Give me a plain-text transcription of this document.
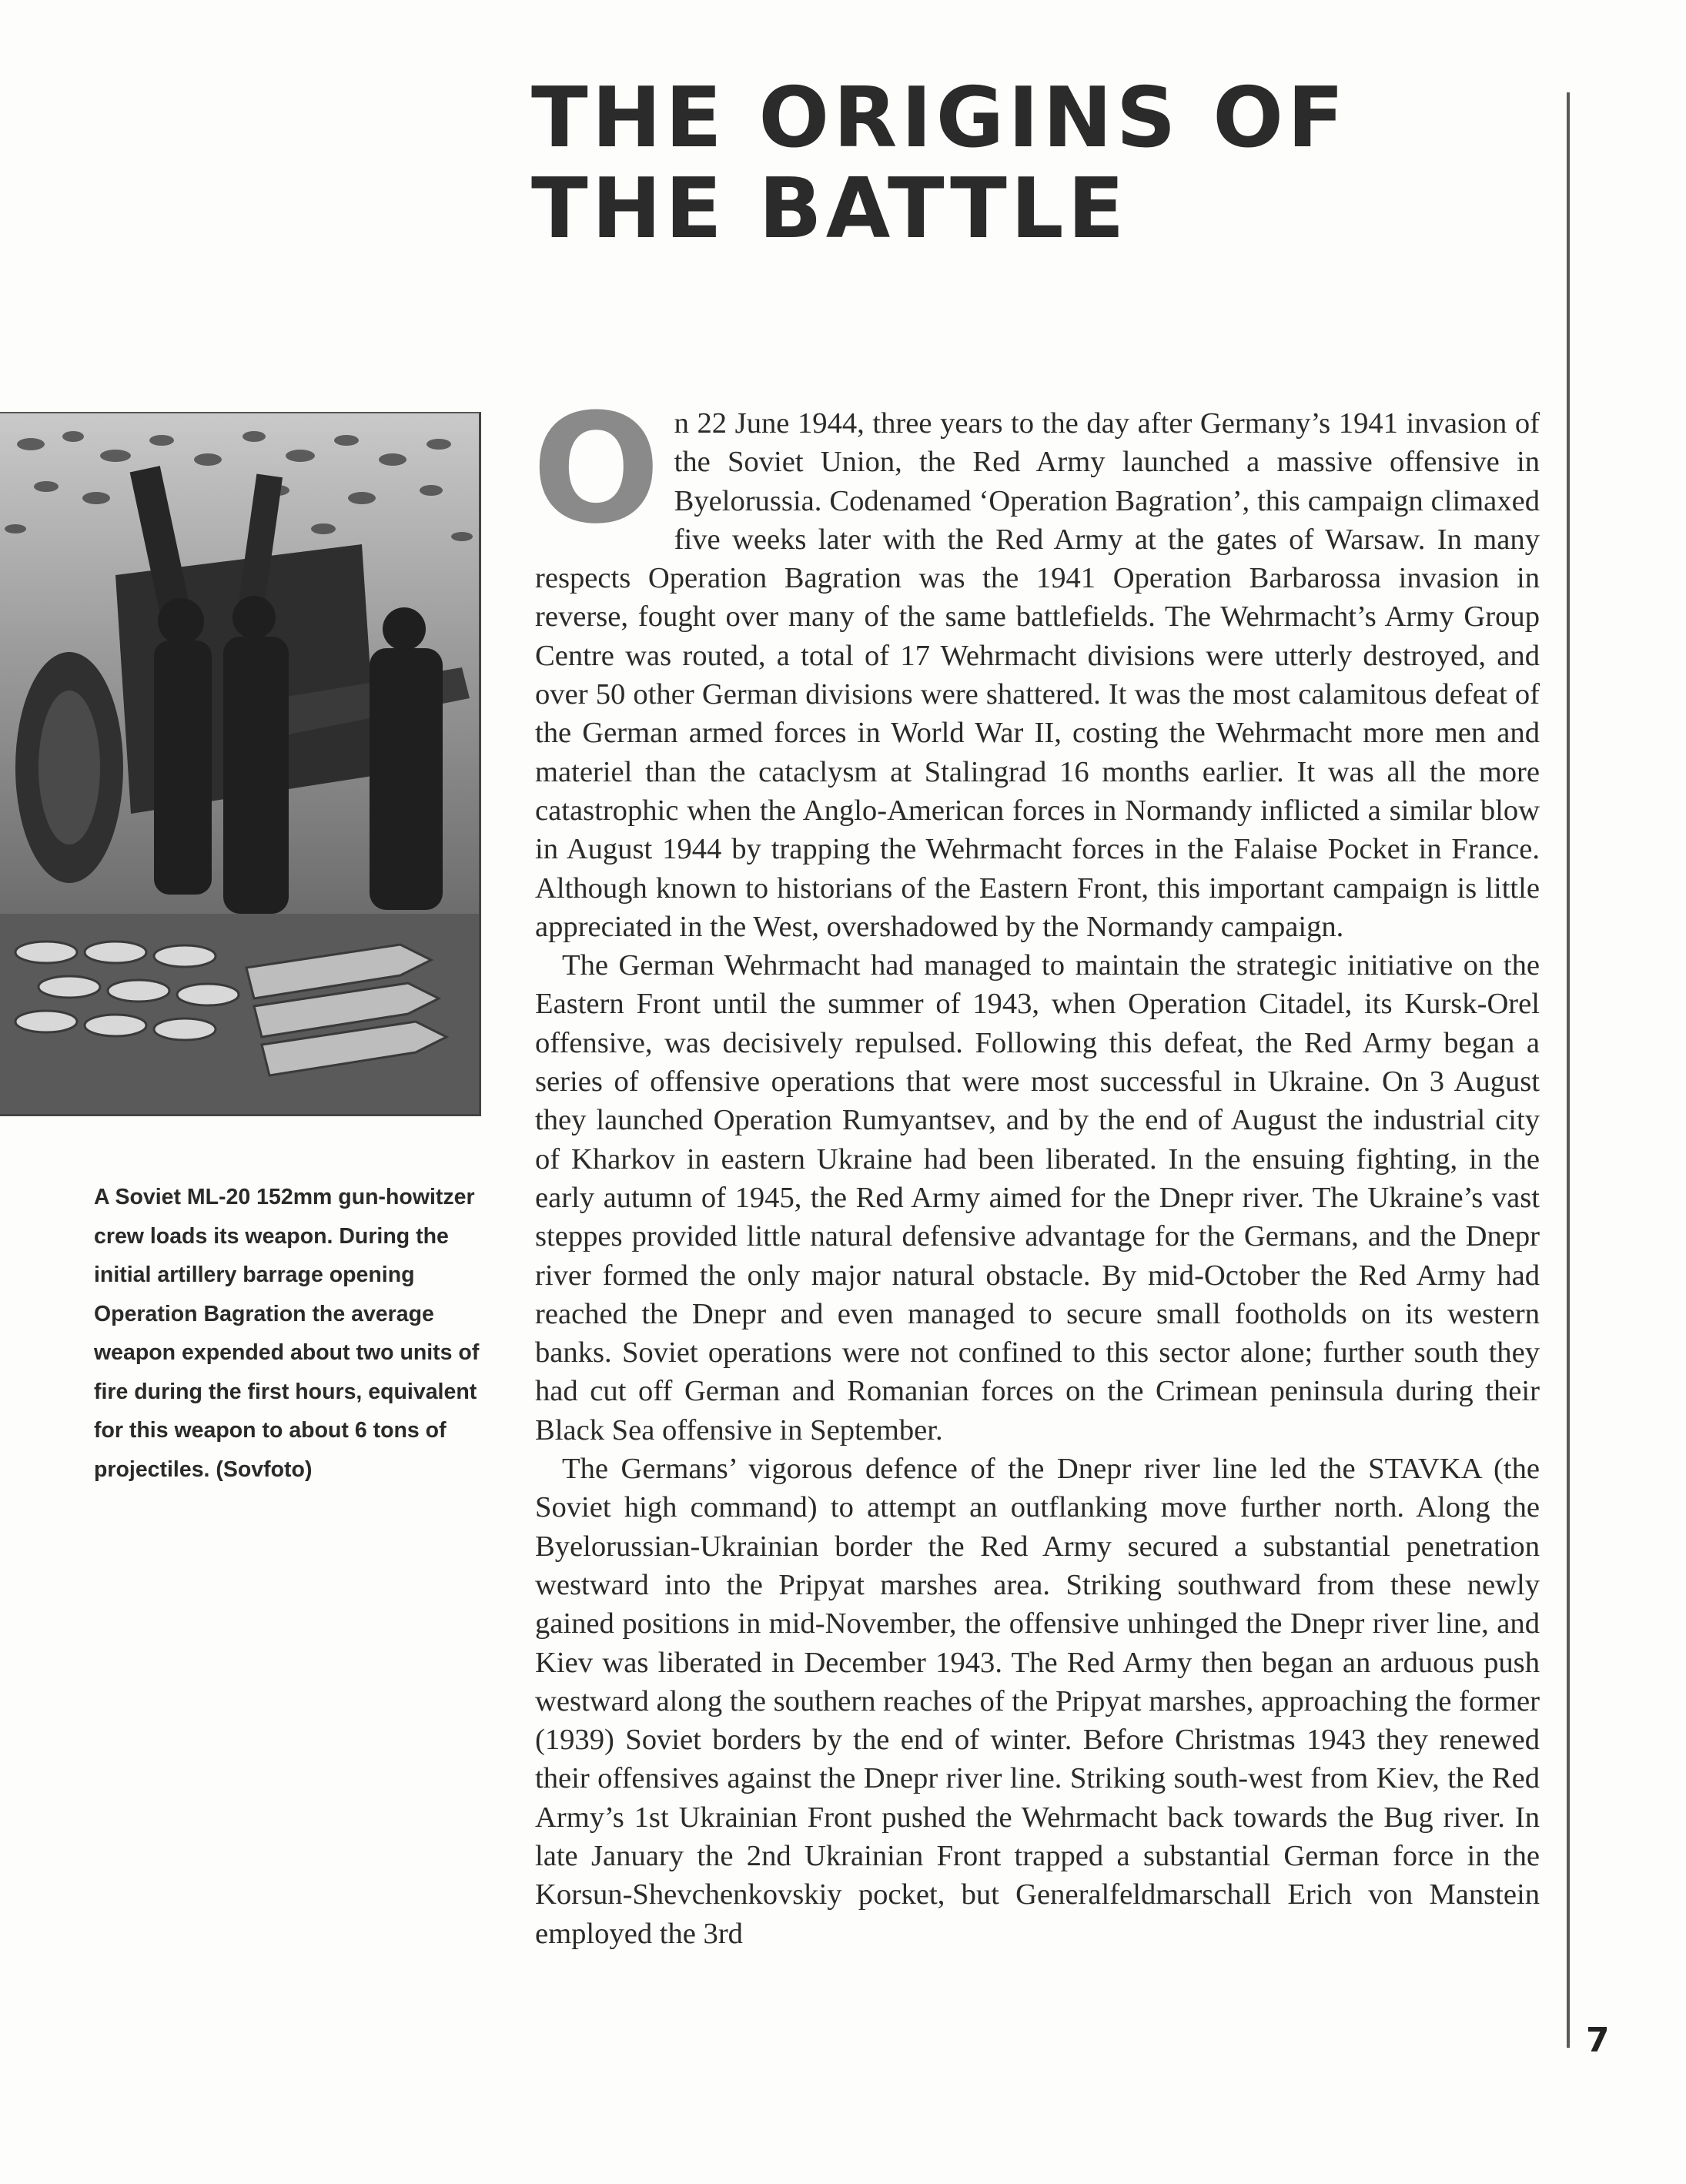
THE ORIGINS OF THE BATTLE
7
A Soviet ML-20 152mm gun-howitzer crew loads its weapon. During the initial artillery barrage opening Operation Bagration the average weapon expended about two units of fire during the first hours, equivalent for this weapon to about 6 tons of projectiles. (Sovfoto)

On 22 June 1944, three years to the day after Germany’s 1941 invasion of the Soviet Union, the Red Army launched a massive offensive in Byelorussia. Codenamed ‘Operation Bagration’, this campaign climaxed five weeks later with the Red Army at the gates of Warsaw. In many respects Operation Bagration was the 1941 Operation Barbarossa invasion in reverse, fought over many of the same battlefields. The Wehrmacht’s Army Group Centre was routed, a total of 17 Wehrmacht divisions were utterly destroyed, and over 50 other German divisions were shattered. It was the most calamitous defeat of the German armed forces in World War II, costing the Wehrmacht more men and materiel than the cataclysm at Stalingrad 16 months earlier. It was all the more catastrophic when the Anglo-American forces in Normandy inflicted a similar blow in August 1944 by trapping the Wehrmacht forces in the Falaise Pocket in France. Although known to historians of the Eastern Front, this important campaign is little appreciated in the West, overshadowed by the Normandy campaign.

The German Wehrmacht had managed to maintain the strategic initiative on the Eastern Front until the summer of 1943, when Operation Citadel, its Kursk-Orel offensive, was decisively repulsed. Following this defeat, the Red Army began a series of offensive operations that were most successful in Ukraine. On 3 August they launched Operation Rumyantsev, and by the end of August the industrial city of Kharkov in eastern Ukraine had been liberated. In the ensuing fighting, in the early autumn of 1945, the Red Army aimed for the Dnepr river. The Ukraine’s vast steppes provided little natural defensive advantage for the Germans, and the Dnepr river formed the only major natural obstacle. By mid-October the Red Army had reached the Dnepr and even managed to secure small footholds on its western banks. Soviet operations were not confined to this sector alone; further south they had cut off German and Romanian forces on the Crimean peninsula during their Black Sea offensive in September.

The Germans’ vigorous defence of the Dnepr river line led the STAVKA (the Soviet high command) to attempt an outflanking move further north. Along the Byelorussian-Ukrainian border the Red Army secured a substantial penetration westward into the Pripyat marshes area. Striking southward from these newly gained positions in mid-November, the offensive unhinged the Dnepr river line, and Kiev was liberated in December 1943. The Red Army then began an arduous push westward along the southern reaches of the Pripyat marshes, approaching the former (1939) Soviet borders by the end of winter. Before Christmas 1943 they renewed their offensives against the Dnepr river line. Striking south-west from Kiev, the Red Army’s 1st Ukrainian Front pushed the Wehrmacht back towards the Bug river. In late January the 2nd Ukrainian Front trapped a substantial German force in the Korsun-Shevchenkovskiy pocket, but Generalfeldmarschall Erich von Manstein employed the 3rd
